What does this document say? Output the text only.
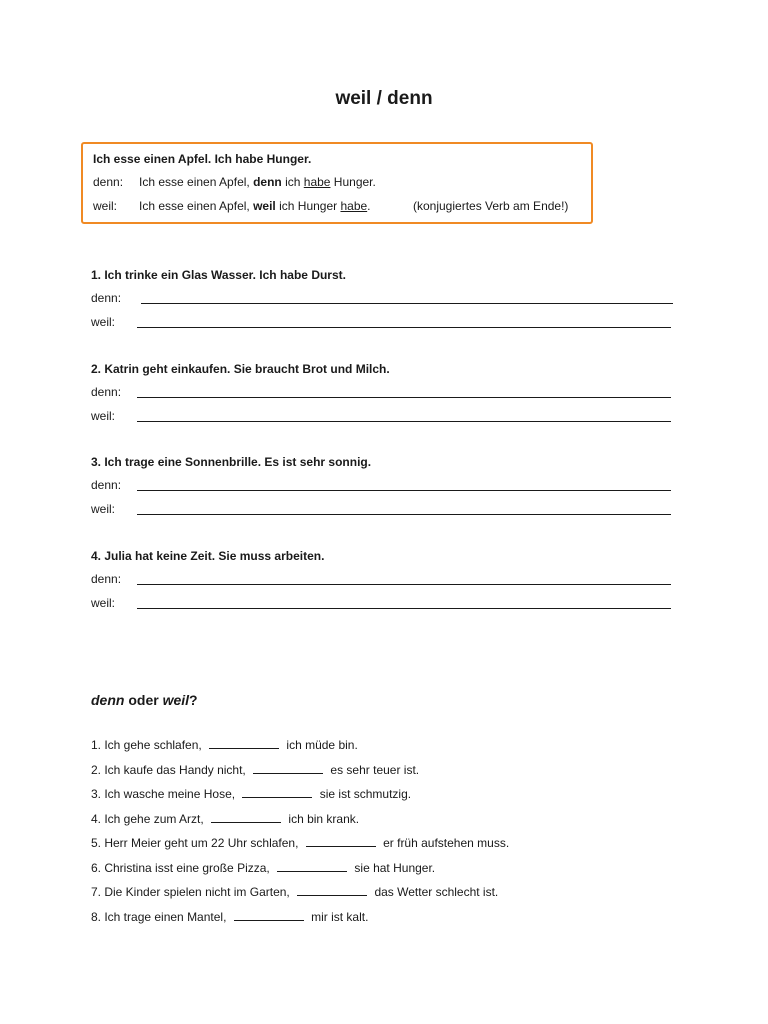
weil / denn
Ich esse einen Apfel. Ich habe Hunger.
denn: Ich esse einen Apfel, denn ich habe Hunger.
weil: Ich esse einen Apfel, weil ich Hunger habe.	(konjugiertes Verb am Ende!)
1. Ich trinke ein Glas Wasser. Ich habe Durst.
denn:
weil:
2. Katrin geht einkaufen. Sie braucht Brot und Milch.
denn:
weil:
3. Ich trage eine Sonnenbrille. Es ist sehr sonnig.
denn:
weil:
4. Julia hat keine Zeit. Sie muss arbeiten.
denn:
weil:
denn oder weil?
1. Ich gehe schlafen,	ich müde bin.
2. Ich kaufe das Handy nicht,	es sehr teuer ist.
3. Ich wasche meine Hose,	sie ist schmutzig.
4. Ich gehe zum Arzt,	ich bin krank.
5. Herr Meier geht um 22 Uhr schlafen,	er früh aufstehen muss.
6. Christina isst eine große Pizza,	sie hat Hunger.
7. Die Kinder spielen nicht im Garten,	das Wetter schlecht ist.
8. Ich trage einen Mantel,	mir ist kalt.
